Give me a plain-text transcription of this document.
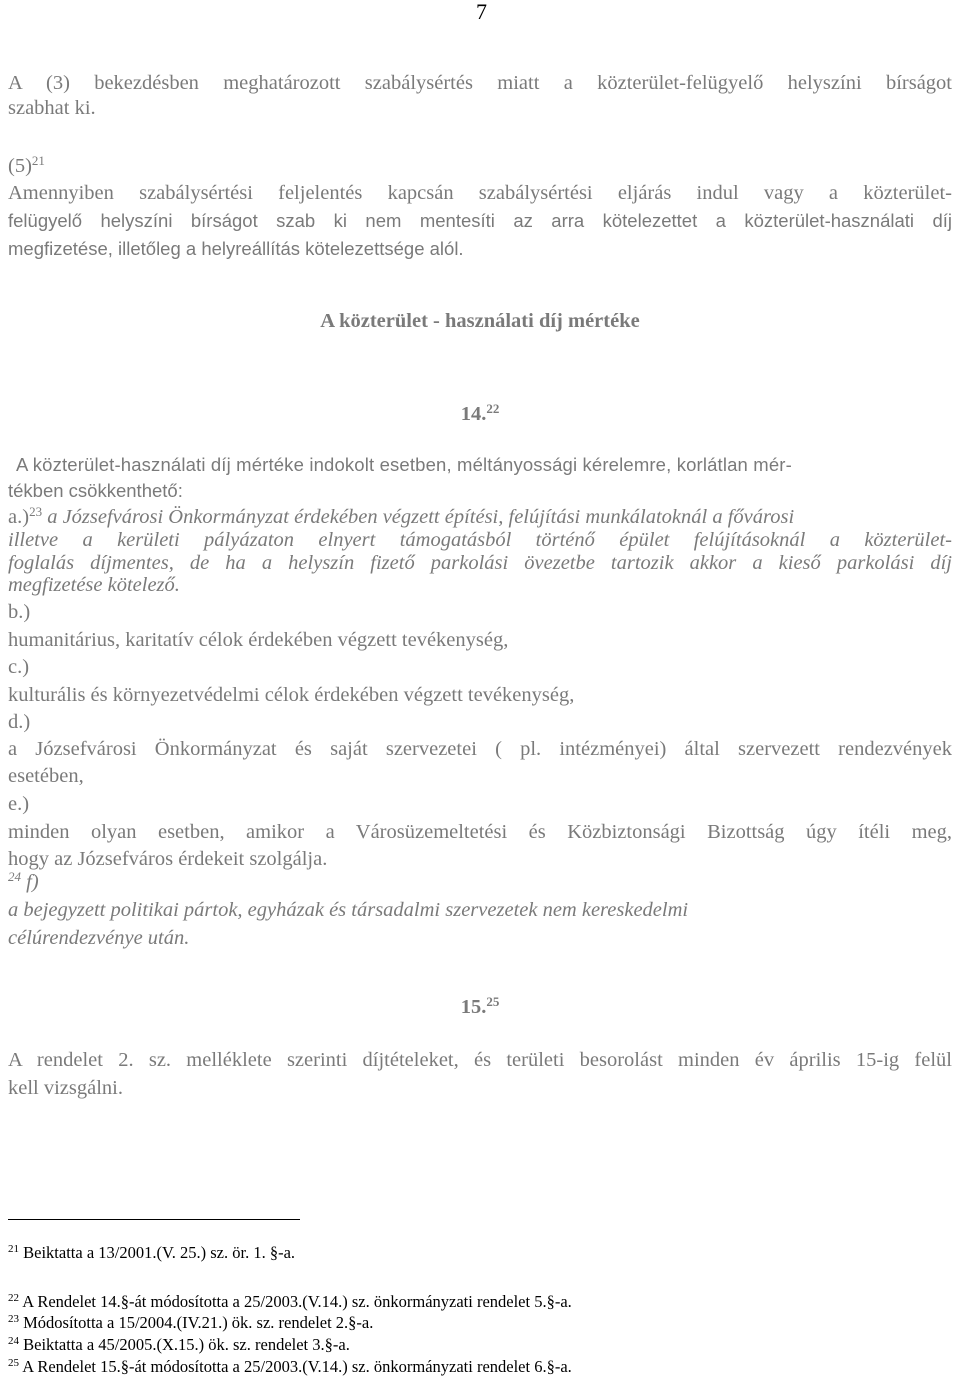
7
A (3) bekezdésben meghatározott szabálysértés miatt a közterület-felügyelő helyszíni bírságot
szabhat ki.
$(5)^{21}$
Amennyiben szabálysértési feljelentés kapcsán szabálysértési eljárás indul vagy a közterület-
felügyelő helyszíni bírságot szab ki nem mentesíti az arra kötelezettet a közterület-használati díj
megfizetése, illetőleg a helyreállítás kötelezettsége alól.
A közterület - használati díj mértéke
14.22
A közterület-használati díj mértéke indokolt esetben, méltányossági kérelemre, korlátlan mér-
tékben csökkenthető:
a.)$^{23}$ a Józsefvárosi Önkormányzat érdekében végzett építési, felújítási munkálatoknál a fővárosi
illetve a kerületi pályázaton elnyert támogatásból történő épület felújításoknál a közterület-
foglalás díjmentes, de ha a helyszín fizető parkolási övezetbe tartozik akkor a kieső parkolási díj
megfizetése kötelező.
b.)
humanitárius, karitatív célok érdekében végzett tevékenység,
c.)
kulturális és környezetvédelmi célok érdekében végzett tevékenység,
d.)
a Józsefvárosi Önkormányzat és saját szervezetei ( pl. intézményei) által szervezett rendezvények
esetében,
e.)
minden olyan esetben, amikor a Városüzemeltetési és Közbiztonsági Bizottság úgy ítéli meg,
hogy az Józsefváros érdekeit szolgálja.
$^{24}$ f)
a bejegyzett politikai pártok, egyházak és társadalmi szervezetek nem kereskedelmi
célúrendezvénye után.
15.25
A rendelet 2. sz. melléklete szerinti díjtételeket, és területi besorolást minden év április 15-ig felül
kell vizsgálni.
$^{21}$ Beiktatta a 13/2001.(V. 25.) sz. ör. 1. §-a.
$^{22}$ A Rendelet 14.§-át módosította a 25/2003.(V.14.) sz. önkormányzati rendelet 5.§-a.
$^{23}$ Módosította a 15/2004.(IV.21.) ök. sz. rendelet 2.§-a.
$^{24}$ Beiktatta a 45/2005.(X.15.) ök. sz. rendelet 3.§-a.
$^{25}$ A Rendelet 15.§-át módosította a 25/2003.(V.14.) sz. önkormányzati rendelet 6.§-a.
